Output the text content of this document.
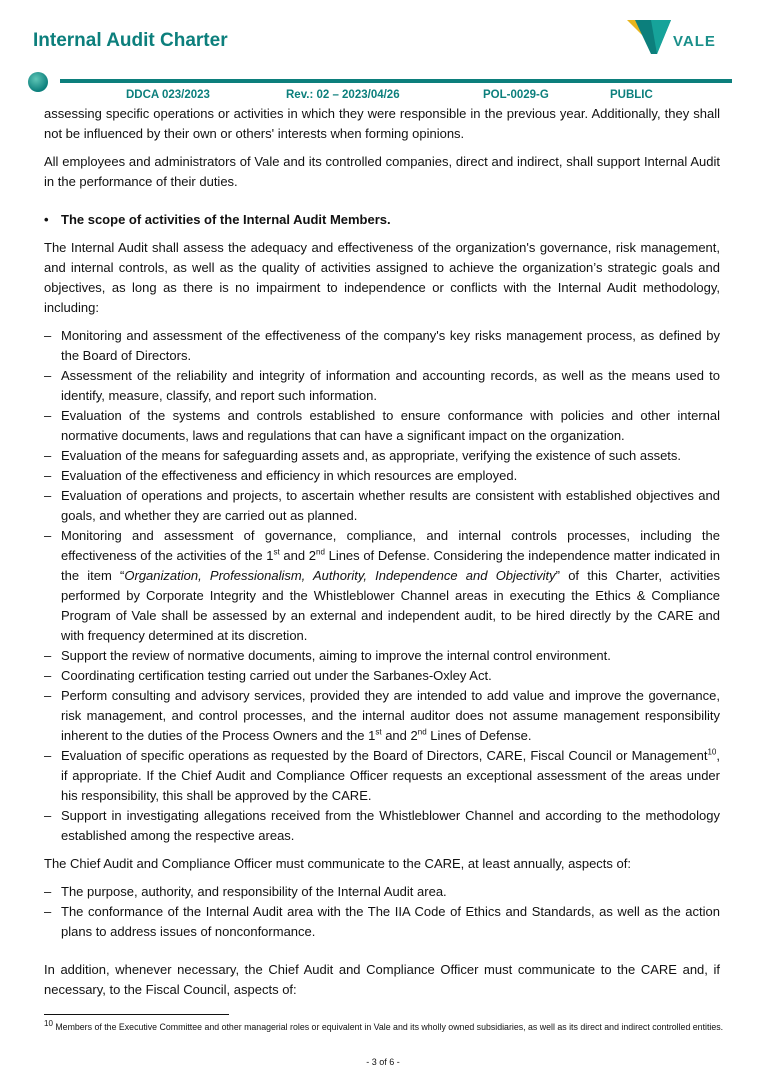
Internal Audit Charter	VALE
DDCA 023/2023	Rev.: 02 – 2023/04/26	POL-0029-G	PUBLIC

assessing specific operations or activities in which they were responsible in the previous year. Additionally, they shall not be influenced by their own or others' interests when forming opinions.

All employees and administrators of Vale and its controlled companies, direct and indirect, shall support Internal Audit in the performance of their duties.

• The scope of activities of the Internal Audit Members.

The Internal Audit shall assess the adequacy and effectiveness of the organization's governance, risk management, and internal controls, as well as the quality of activities assigned to achieve the organization’s strategic goals and objectives, as long as there is no impairment to independence or conflicts with the Internal Audit methodology, including:

– Monitoring and assessment of the effectiveness of the company's key risks management process, as defined by the Board of Directors.
– Assessment of the reliability and integrity of information and accounting records, as well as the means used to identify, measure, classify, and report such information.
– Evaluation of the systems and controls established to ensure conformance with policies and other internal normative documents, laws and regulations that can have a significant impact on the organization.
– Evaluation of the means for safeguarding assets and, as appropriate, verifying the existence of such assets.
– Evaluation of the effectiveness and efficiency in which resources are employed.
– Evaluation of operations and projects, to ascertain whether results are consistent with established objectives and goals, and whether they are carried out as planned.
– Monitoring and assessment of governance, compliance, and internal controls processes, including the effectiveness of the activities of the 1st and 2nd Lines of Defense. Considering the independence matter indicated in the item “Organization, Professionalism, Authority, Independence and Objectivity” of this Charter, activities performed by Corporate Integrity and the Whistleblower Channel areas in executing the Ethics & Compliance Program of Vale shall be assessed by an external and independent audit, to be hired directly by the CARE and with frequency determined at its discretion.
– Support the review of normative documents, aiming to improve the internal control environment.
– Coordinating certification testing carried out under the Sarbanes-Oxley Act.
– Perform consulting and advisory services, provided they are intended to add value and improve the governance, risk management, and control processes, and the internal auditor does not assume management responsibility inherent to the duties of the Process Owners and the 1st and 2nd Lines of Defense.
– Evaluation of specific operations as requested by the Board of Directors, CARE, Fiscal Council or Management$^{10}$, if appropriate. If the Chief Audit and Compliance Officer requests an exceptional assessment of the areas under his responsibility, this shall be approved by the CARE.
– Support in investigating allegations received from the Whistleblower Channel and according to the methodology established among the respective areas.

The Chief Audit and Compliance Officer must communicate to the CARE, at least annually, aspects of:

– The purpose, authority, and responsibility of the Internal Audit area.
– The conformance of the Internal Audit area with the The IIA Code of Ethics and Standards, as well as the action plans to address issues of nonconformance.

In addition, whenever necessary, the Chief Audit and Compliance Officer must communicate to the CARE and, if necessary, to the Fiscal Council, aspects of:

$^{10}$ Members of the Executive Committee and other managerial roles or equivalent in Vale and its wholly owned subsidiaries, as well as its direct and indirect controlled entities.
- 3 of 6 -
